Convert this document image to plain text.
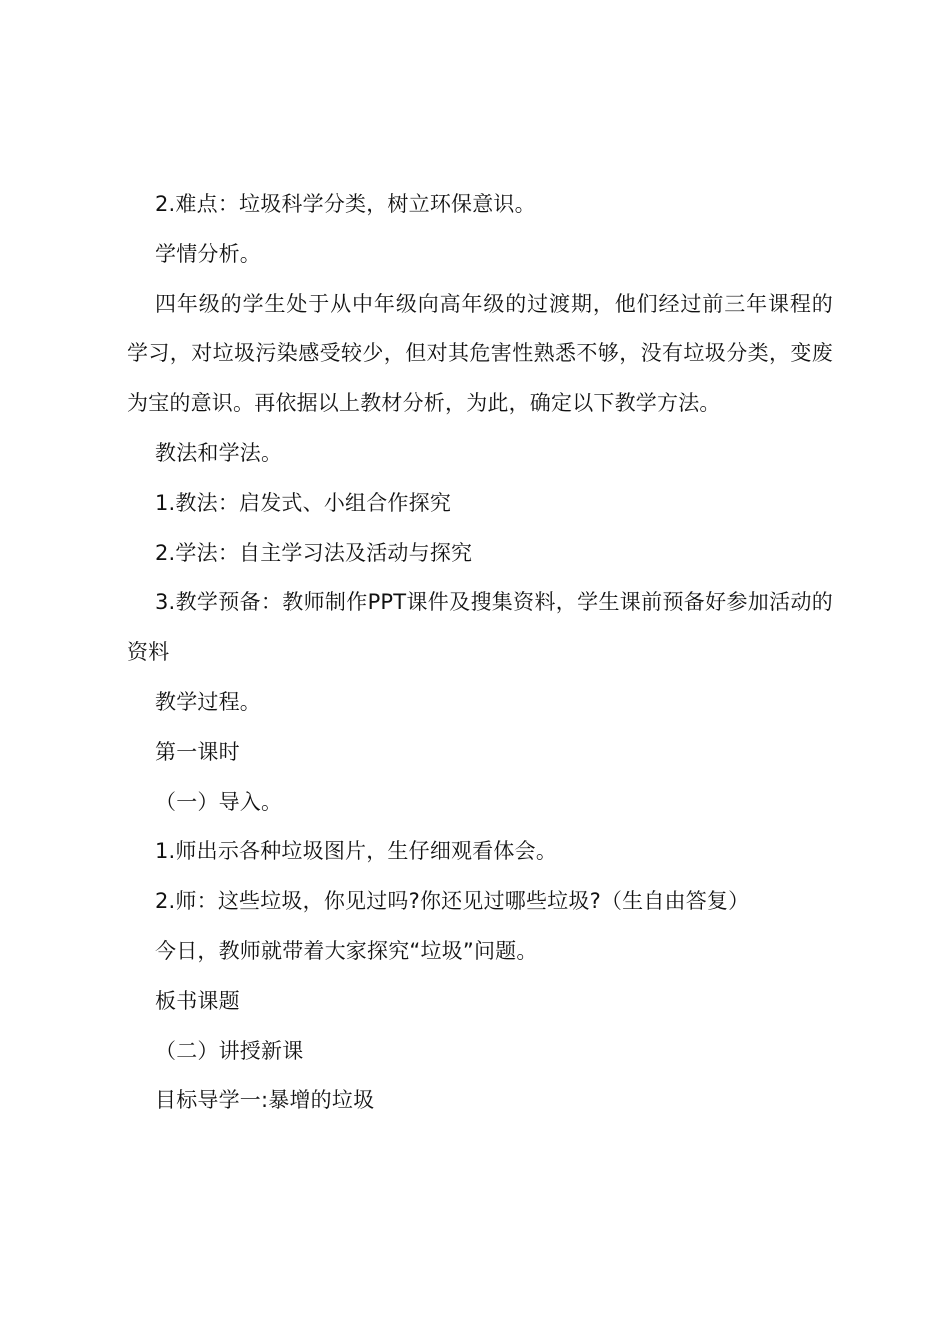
2.难点：垃圾科学分类，树立环保意识。

学情分析。

四年级的学生处于从中年级向高年级的过渡期，他们经过前三年课程的学习，对垃圾污染感受较少，但对其危害性熟悉不够，没有垃圾分类，变废为宝的意识。再依据以上教材分析，为此，确定以下教学方法。

教法和学法。

1.教法：启发式、小组合作探究

2.学法：自主学习法及活动与探究

3.教学预备：教师制作PPT课件及搜集资料，学生课前预备好参加活动的资料

教学过程。

第一课时

（一）导入。

1.师出示各种垃圾图片，生仔细观看体会。

2.师：这些垃圾，你见过吗?你还见过哪些垃圾?（生自由答复）

今日，教师就带着大家探究“垃圾”问题。

板书课题

（二）讲授新课

目标导学一:暴增的垃圾
